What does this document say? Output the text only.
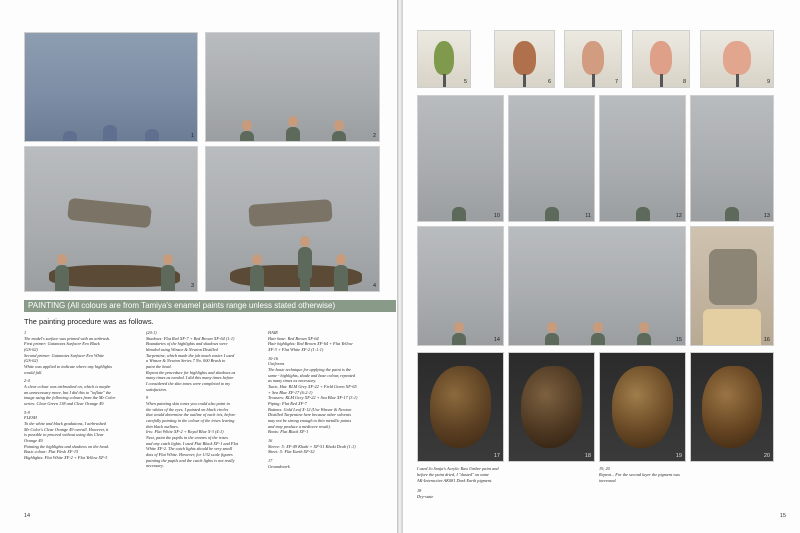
1	2
3	4
PAINTING (All colours are from Tamiya's enamel paints range unless stated otherwise)
The painting procedure was as follows.

1
The model's surface was primed with an airbrush.
First primer: Gaianotes Surfacer Evo Black
(GS-02)
Second primer: Gaianotes Surfacer Evo White
(GS-02)
White was applied to indicate where any highlights
would fall.

2-4
A clear colour was airbrushed on, which is maybe
an unnecessary move, but I did this to "inflate" the
image using the following colours from the Mr Color
series: Clear Green 138 and Clear Orange 49.

5-9
FLESH
To the white and black gradations, I airbrushed
Mr Color's Clear Orange 49 overall. However, it
is possible to proceed without using this Clear
Orange 49.
Painting the highlights and shadows on the head.
Basic colour: Flat Flesh XF-15
Highlights: Flat White XF-2 + Flat Yellow XF-3

(20:1)
Shadows: Flat Red XF-7 + Red Brown XF-64 (1:1)
Boundaries of the highlights and shadows were
blended using Winsor & Newton Distilled
Turpentine, which made the job much easier. I used
a Winsor & Newton Series 7 No. 000 Brush to
paint the head.
Repeat the procedure for highlights and shadows as
many times as needed. I did this many times before
I considered the skin tones were completed to my
satisfaction.

9
When painting skin tones you could also paint in
the whites of the eyes. I painted on black circles
that would determine the outline of each iris, before
carefully painting in the colour of the irises leaving
thin black outlines.
Iris: Flat White XF-2 + Royal Blue X-3 (4:1)
Next, paint the pupils in the centres of the irises
and any catch lights. I used Flat Black XF-1 and Flat
White XF-2. The catch lights should be very small
dots of Flat White. However, for 1/32 scale figures
painting the pupils and the catch lights is not really
necessary.

HAIR
Hair base: Red Brown XF-64
Hair highlights: Red Brown XF-64 + Flat Yellow
XF-3 + Flat White XF-2 (1:1:1)

10-16
Uniforms
The basic technique for applying the paint is the
same - highlights, shade and base colour, repeated
as many times as necessary.
Tunic, Hat: RLM Grey XF-22 + Field Green XF-65
+ Sea Blue XF-17 (6:2:1)
Trousers: RLM Grey XF-22 + Sea Blue XF-17 (3:1)
Piping: Flat Red XF-7
Buttons: Gold Leaf X-12 (Use Winsor & Newton
Distilled Turpentine here because other solvents
may not be strong enough to thin metallic paints
and may produce a mediocre result).
Boots: Flat Black XF-1

16
Sleeve: 5: XF-49 Khaki + XF-51 Khaki Drab (1:1)
Sheet: 5: Flat Earth XF-52

17
Groundwork

14
5	6	7	8	9
10	11	12	13
14	15	16
17	18	19	20
I used Jo Sonja's Acrylic Raw Umber paint and
before the paint dried, I "dusted" on some
AK-Interactive AK081 Dark Earth pigment.
18
Dry-state
19, 20
Repeat... For the second layer the pigment was
increased.
15
